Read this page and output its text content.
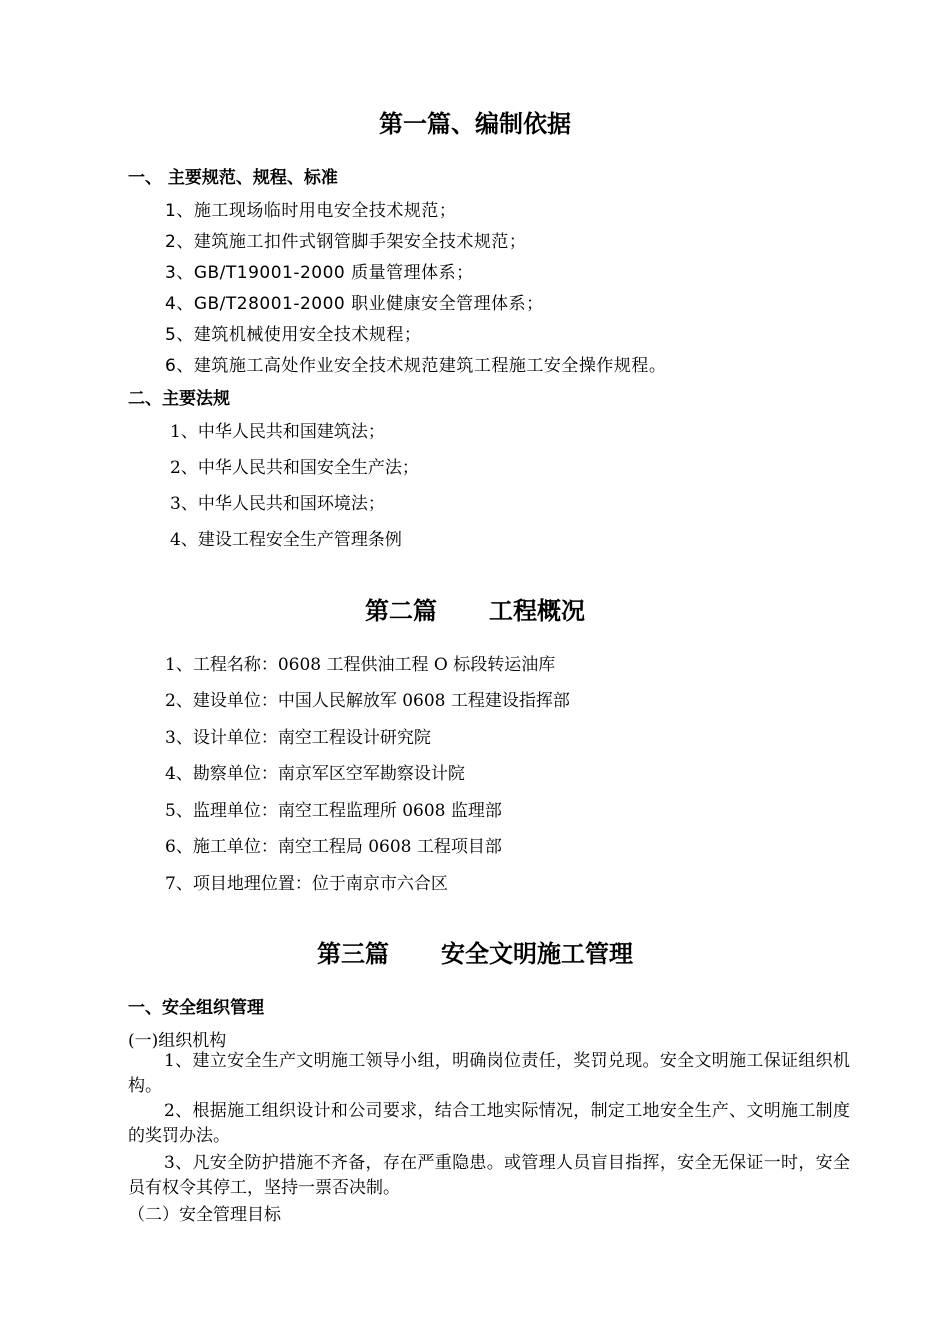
第一篇、编制依据
一、 主要规范、规程、标准
1、施工现场临时用电安全技术规范；
2、建筑施工扣件式钢管脚手架安全技术规范；
3、GB/T19001-2000 质量管理体系；
4、GB/T28001-2000 职业健康安全管理体系；
5、建筑机械使用安全技术规程；
6、建筑施工高处作业安全技术规范建筑工程施工安全操作规程。
二、主要法规
1、中华人民共和国建筑法；
2、中华人民共和国安全生产法；
3、中华人民共和国环境法；
4、建设工程安全生产管理条例
第二篇 工程概况
1、工程名称：0608 工程供油工程 O 标段转运油库
2、建设单位：中国人民解放军 0608 工程建设指挥部
3、设计单位：南空工程设计研究院
4、勘察单位：南京军区空军勘察设计院
5、监理单位：南空工程监理所 0608 监理部
6、施工单位：南空工程局 0608 工程项目部
7、项目地理位置：位于南京市六合区
第三篇 安全文明施工管理
一、安全组织管理
(一)组织机构
1、建立安全生产文明施工领导小组，明确岗位责任，奖罚兑现。安全文明施工保证组织机构。
2、根据施工组织设计和公司要求，结合工地实际情况，制定工地安全生产、文明施工制度的奖罚办法。
3、凡安全防护措施不齐备，存在严重隐患。或管理人员盲目指挥，安全无保证一时，安全员有权令其停工，坚持一票否决制。
（二）安全管理目标
